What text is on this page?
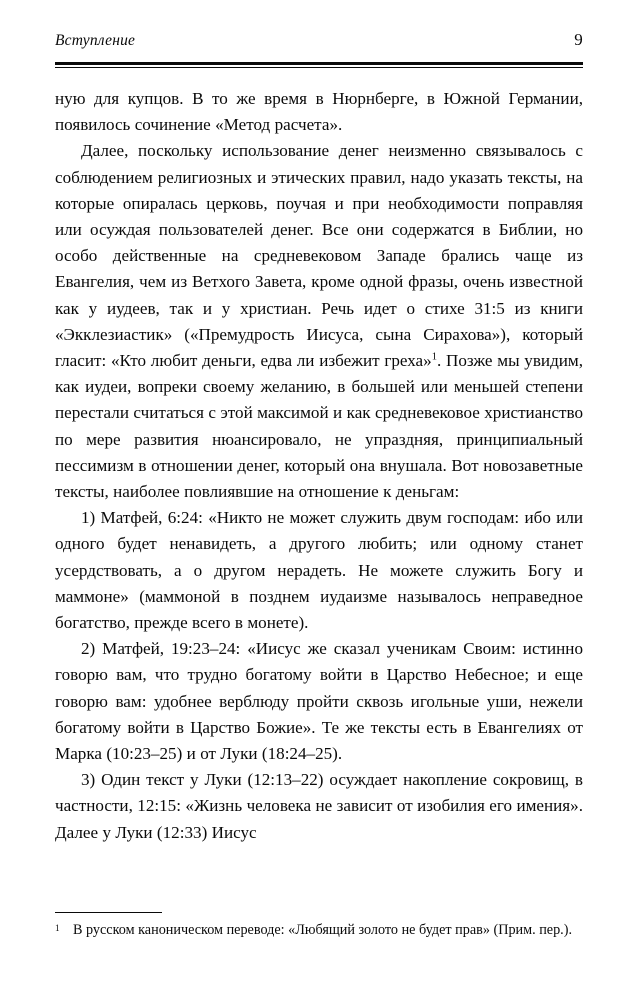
Вступление	9

ную для купцов. В то же время в Нюрнберге, в Южной Германии, появилось сочинение «Метод расчета».

Далее, поскольку использование денег неизменно связывалось с соблюдением религиозных и этических правил, надо указать тексты, на которые опиралась церковь, поучая и при необходимости поправляя или осуждая пользователей денег. Все они содержатся в Библии, но особо действенные на средневековом Западе брались чаще из Евангелия, чем из Ветхого Завета, кроме одной фразы, очень известной как у иудеев, так и у христиан. Речь идет о стихе 31:5 из книги «Экклезиастик» («Премудрость Иисуса, сына Сирахова»), который гласит: «Кто любит деньги, едва ли избежит греха»$^1$. Позже мы увидим, как иудеи, вопреки своему желанию, в большей или меньшей степени перестали считаться с этой максимой и как средневековое христианство по мере развития нюансировало, не упраздняя, принципиальный пессимизм в отношении денег, который она внушала. Вот новозаветные тексты, наиболее повлиявшие на отношение к деньгам:

1) Матфей, 6:24: «Никто не может служить двум господам: ибо или одного будет ненавидеть, а другого любить; или одному станет усердствовать, а о другом нерадеть. Не можете служить Богу и маммоне» (маммоной в позднем иудаизме называлось неправедное богатство, прежде всего в монете).

2) Матфей, 19:23–24: «Иисус же сказал ученикам Своим: истинно говорю вам, что трудно богатому войти в Царство Небесное; и еще говорю вам: удобнее верблюду пройти сквозь игольные уши, нежели богатому войти в Царство Божие». Те же тексты есть в Евангелиях от Марка (10:23–25) и от Луки (18:24–25).

3) Один текст у Луки (12:13–22) осуждает накопление сокровищ, в частности, 12:15: «Жизнь человека не зависит от изобилия его имения». Далее у Луки (12:33) Иисус

1 В русском каноническом переводе: «Любящий золото не будет прав» (Прим. пер.).
